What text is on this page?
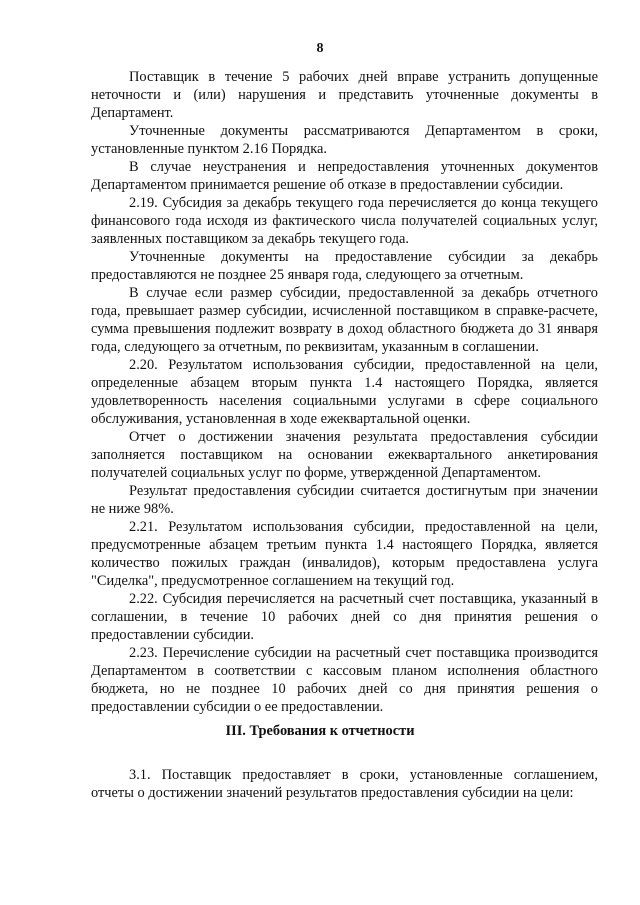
8

Поставщик в течение 5 рабочих дней вправе устранить допущенные неточности и (или) нарушения и представить уточненные документы в Департамент.

Уточненные документы рассматриваются Департаментом в сроки, установленные пунктом 2.16 Порядка.

В случае неустранения и непредоставления уточненных документов Департаментом принимается решение об отказе в предоставлении субсидии.

2.19. Субсидия за декабрь текущего года перечисляется до конца текущего финансового года исходя из фактического числа получателей социальных услуг, заявленных поставщиком за декабрь текущего года.

Уточненные документы на предоставление субсидии за декабрь предоставляются не позднее 25 января года, следующего за отчетным.

В случае если размер субсидии, предоставленной за декабрь отчетного года, превышает размер субсидии, исчисленной поставщиком в справке-расчете, сумма превышения подлежит возврату в доход областного бюджета до 31 января года, следующего за отчетным, по реквизитам, указанным в соглашении.

2.20. Результатом использования субсидии, предоставленной на цели, определенные абзацем вторым пункта 1.4 настоящего Порядка, является удовлетворенность населения социальными услугами в сфере социального обслуживания, установленная в ходе ежеквартальной оценки.

Отчет о достижении значения результата предоставления субсидии заполняется поставщиком на основании ежеквартального анкетирования получателей социальных услуг по форме, утвержденной Департаментом.

Результат предоставления субсидии считается достигнутым при значении не ниже 98%.

2.21. Результатом использования субсидии, предоставленной на цели, предусмотренные абзацем третьим пункта 1.4 настоящего Порядка, является количество пожилых граждан (инвалидов), которым предоставлена услуга "Сиделка", предусмотренное соглашением на текущий год.

2.22. Субсидия перечисляется на расчетный счет поставщика, указанный в соглашении, в течение 10 рабочих дней со дня принятия решения о предоставлении субсидии.

2.23. Перечисление субсидии на расчетный счет поставщика производится Департаментом в соответствии с кассовым планом исполнения областного бюджета, но не позднее 10 рабочих дней со дня принятия решения о предоставлении субсидии о ее предоставлении.

III. Требования к отчетности

3.1. Поставщик предоставляет в сроки, установленные соглашением, отчеты о достижении значений результатов предоставления субсидии на цели:
